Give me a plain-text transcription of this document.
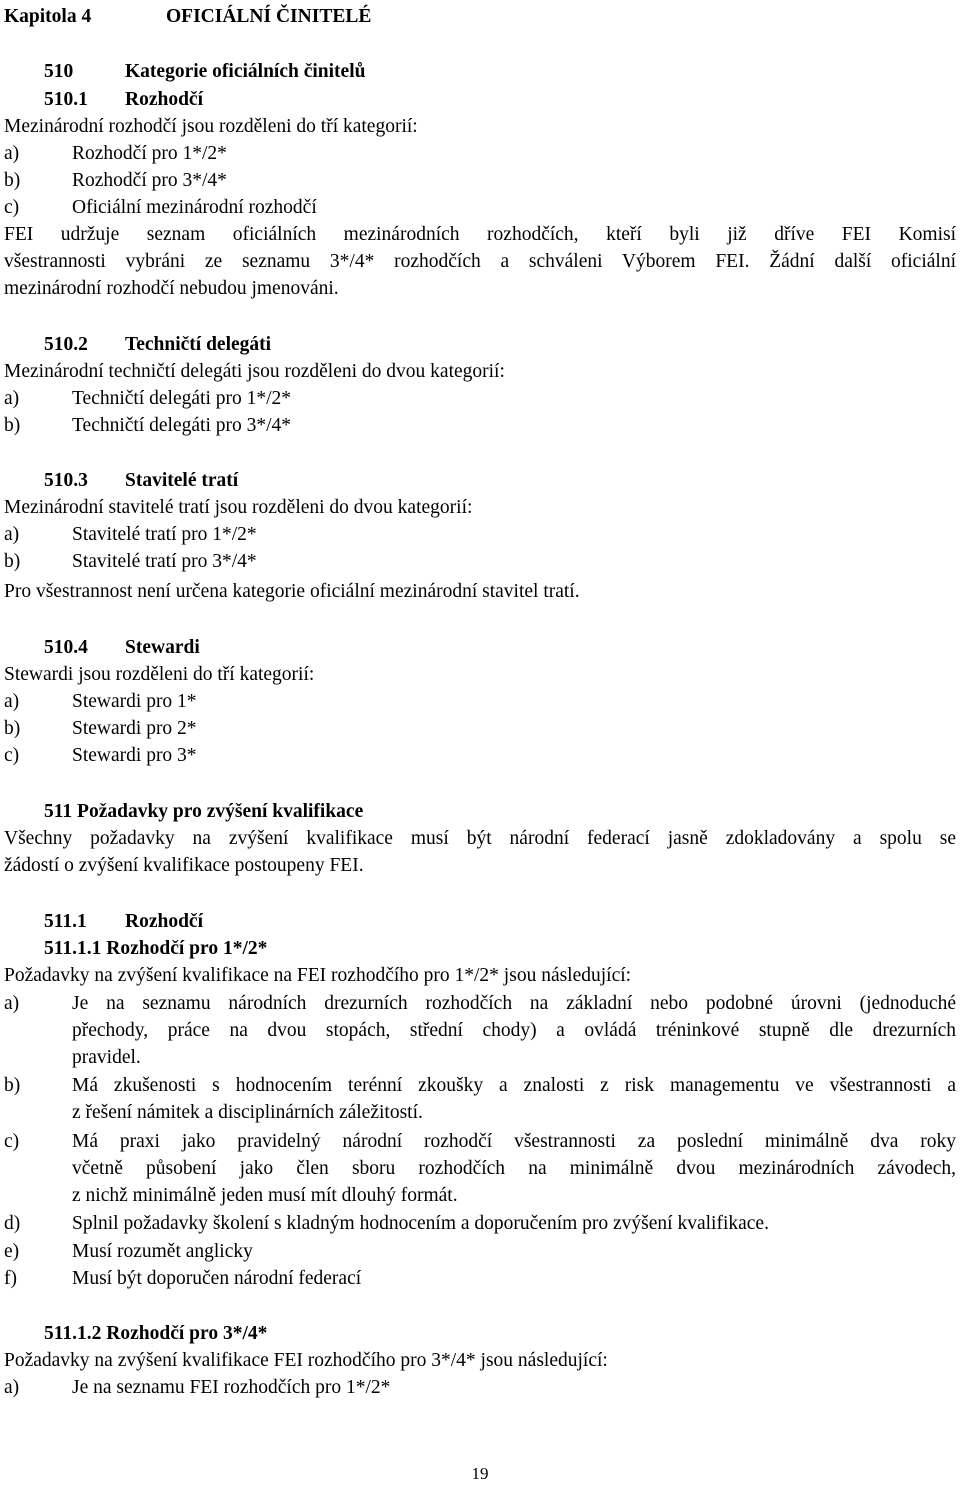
Kapitola 4	OFICIÁLNÍ ČINITELÉ
510	Kategorie oficiálních činitelů
510.1 Rozhodčí
Mezinárodní rozhodčí jsou rozděleni do tří kategorií:
a)	Rozhodčí pro 1*/2*
b)	Rozhodčí pro 3*/4*
c)	Oficiální mezinárodní rozhodčí
FEI udržuje seznam oficiálních mezinárodních rozhodčích, kteří byli již dříve FEI Komisí
všestrannosti vybráni ze seznamu 3*/4* rozhodčích a schváleni Výborem FEI. Žádní další oficiální
mezinárodní rozhodčí nebudou jmenováni.
510.2 Techničtí delegáti
Mezinárodní techničtí delegáti jsou rozděleni do dvou kategorií:
a)	Techničtí delegáti pro 1*/2*
b)	Techničtí delegáti pro 3*/4*
510.3 Stavitelé tratí
Mezinárodní stavitelé tratí jsou rozděleni do dvou kategorií:
a)	Stavitelé tratí pro 1*/2*
b)	Stavitelé tratí pro 3*/4*
Pro všestrannost není určena kategorie oficiální mezinárodní stavitel tratí.
510.4 Stewardi
Stewardi jsou rozděleni do tří kategorií:
a)	Stewardi pro 1*
b)	Stewardi pro 2*
c)	Stewardi pro 3*
511 Požadavky pro zvýšení kvalifikace
Všechny požadavky na zvýšení kvalifikace musí být národní federací jasně zdokladovány a spolu se
žádostí o zvýšení kvalifikace postoupeny FEI.
511.1 Rozhodčí
511.1.1 Rozhodčí pro 1*/2*
Požadavky na zvýšení kvalifikace na FEI rozhodčího pro 1*/2* jsou následující:
a)	Je na seznamu národních drezurních rozhodčích na základní nebo podobné úrovni (jednoduché
přechody, práce na dvou stopách, střední chody) a ovládá tréninkové stupně dle drezurních
pravidel.
b)	Má zkušenosti s hodnocením terénní zkoušky a znalosti z risk managementu ve všestrannosti a
z řešení námitek a disciplinárních záležitostí.
c)	Má praxi jako pravidelný národní rozhodčí všestrannosti za poslední minimálně dva roky
včetně působení jako člen sboru rozhodčích na minimálně dvou mezinárodních závodech,
z nichž minimálně jeden musí mít dlouhý formát.
d)	Splnil požadavky školení s kladným hodnocením a doporučením pro zvýšení kvalifikace.
e)	Musí rozumět anglicky
f)	Musí být doporučen národní federací
511.1.2 Rozhodčí pro 3*/4*
Požadavky na zvýšení kvalifikace FEI rozhodčího pro 3*/4* jsou následující:
a)	Je na seznamu FEI rozhodčích pro 1*/2*
19
